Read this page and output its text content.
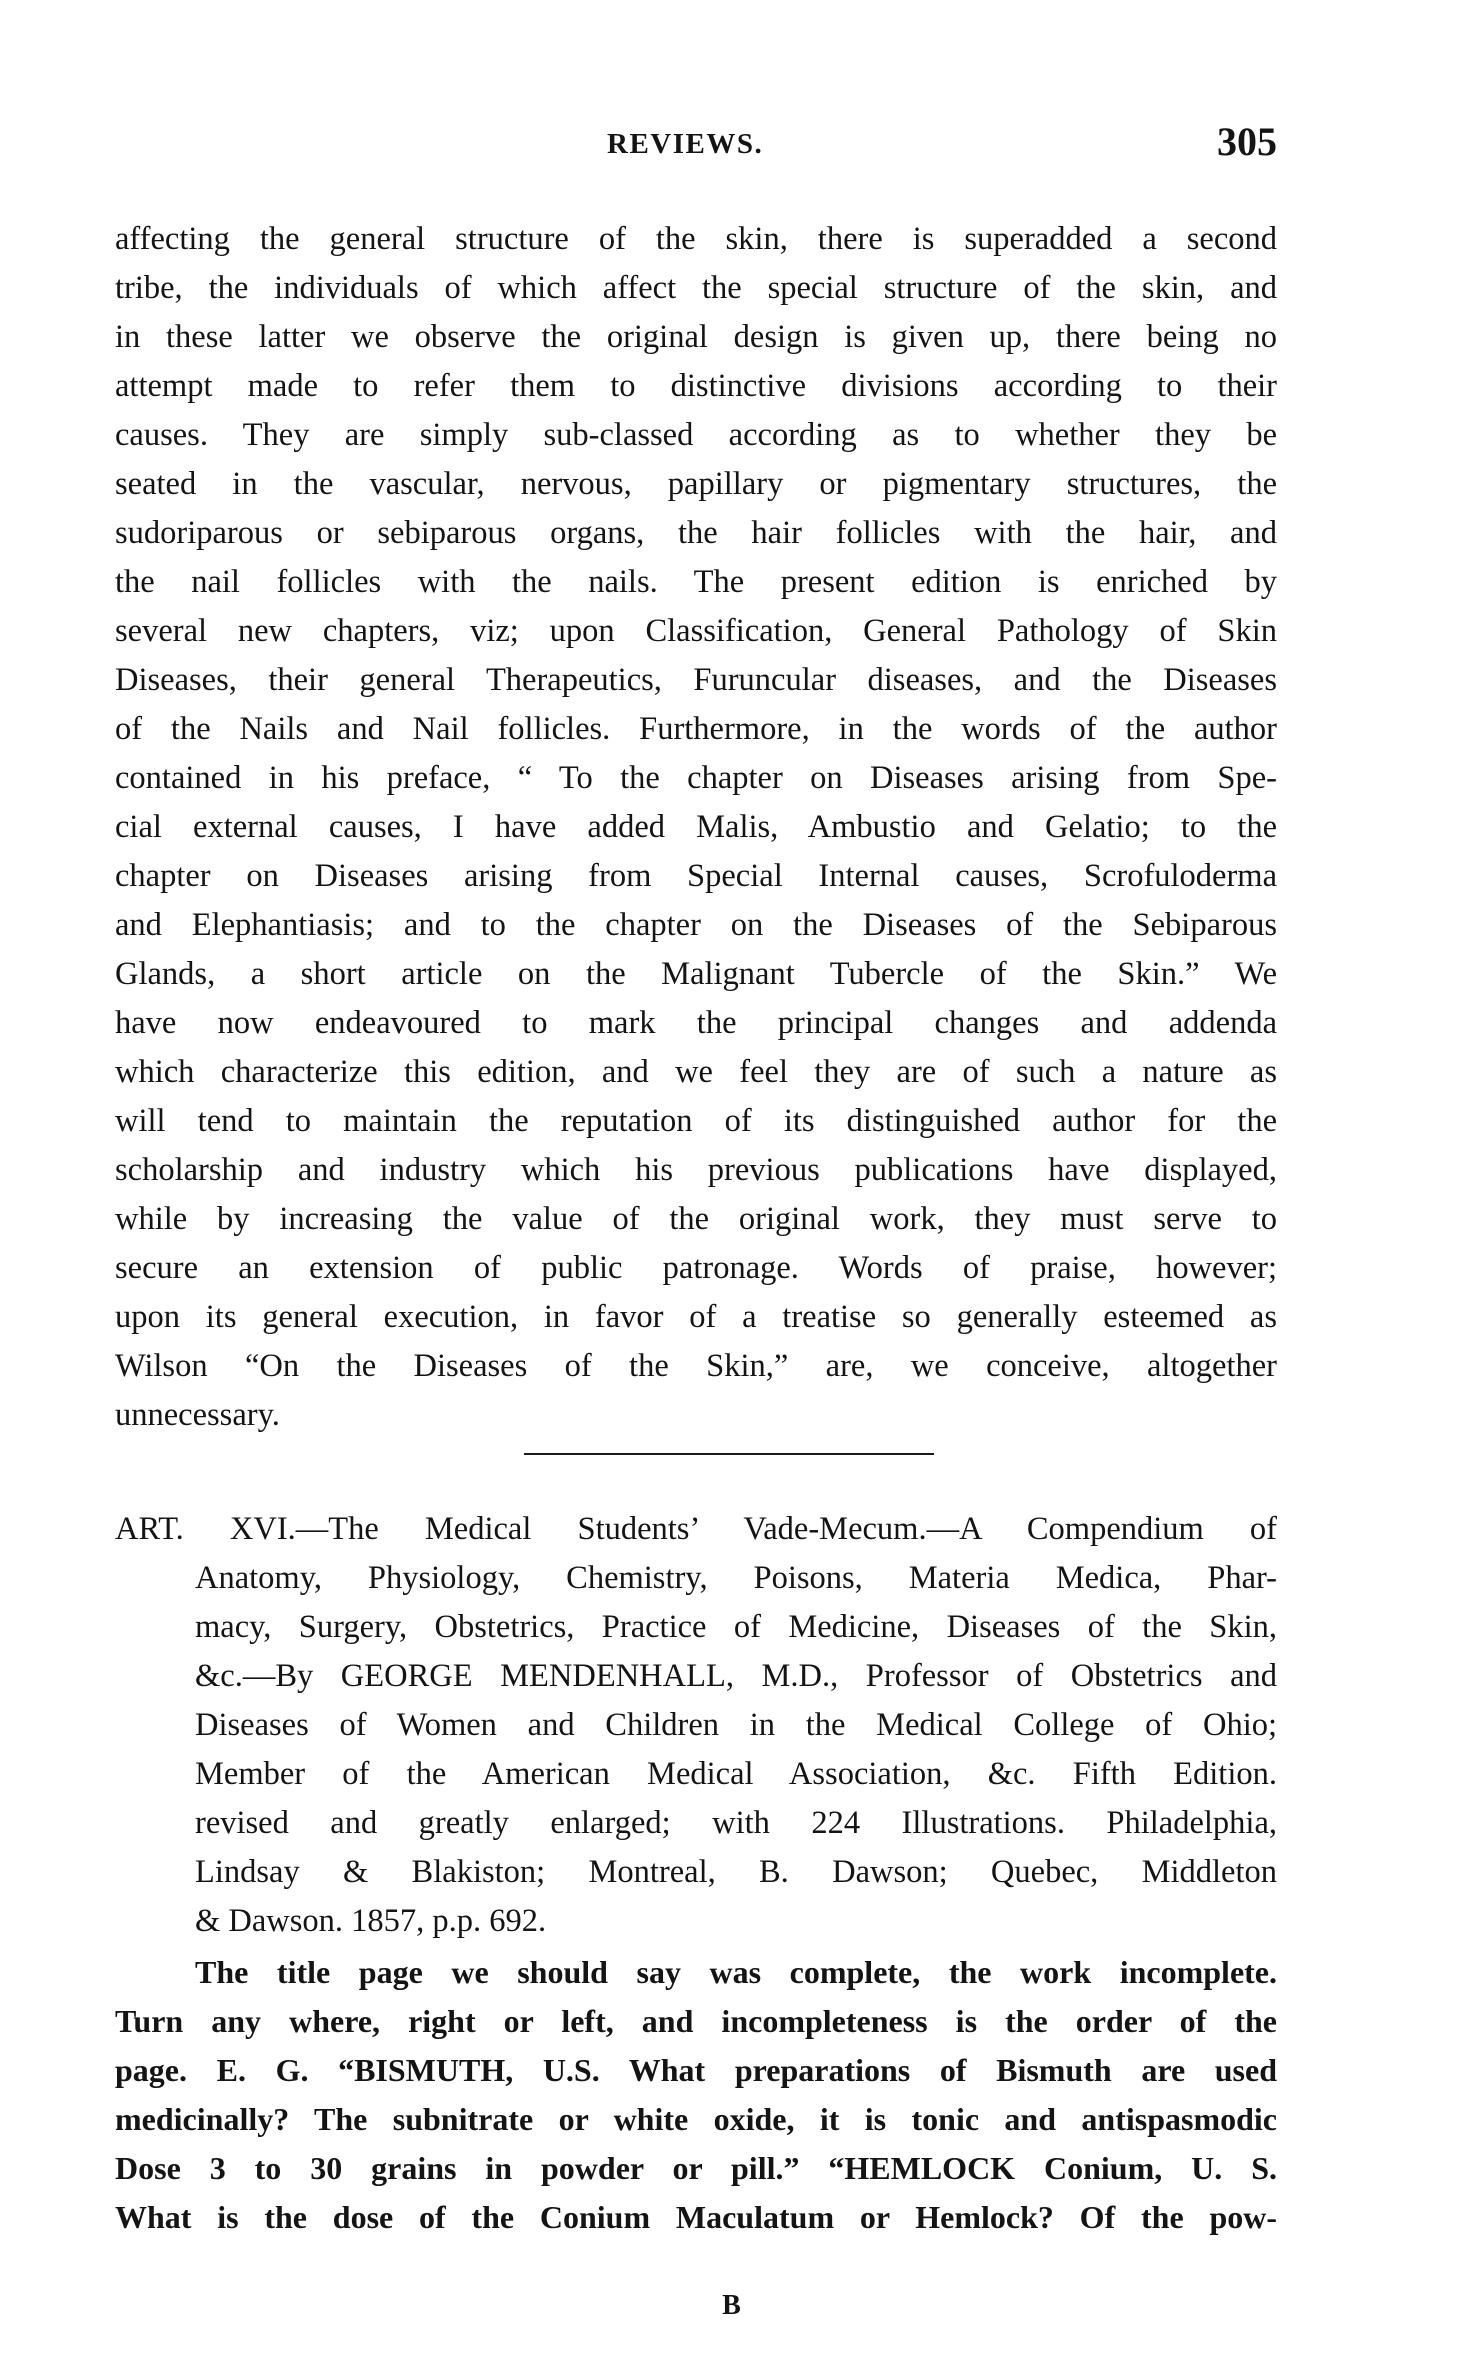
REVIEWS.	305
affecting the general structure of the skin, there is superadded a second
tribe, the individuals of which affect the special structure of the skin, and
in these latter we observe the original design is given up, there being no
attempt made to refer them to distinctive divisions according to their
causes. They are simply sub-classed according as to whether they be
seated in the vascular, nervous, papillary or pigmentary structures, the
sudoriparous or sebiparous organs, the hair follicles with the hair, and
the nail follicles with the nails. The present edition is enriched by
several new chapters, viz; upon Classification, General Pathology of Skin
Diseases, their general Therapeutics, Furuncular diseases, and the Diseases
of the Nails and Nail follicles. Furthermore, in the words of the author
contained in his preface, “ To the chapter on Diseases arising from Spe-
cial external causes, I have added Malis, Ambustio and Gelatio; to the
chapter on Diseases arising from Special Internal causes, Scrofuloderma
and Elephantiasis; and to the chapter on the Diseases of the Sebiparous
Glands, a short article on the Malignant Tubercle of the Skin.” We
have now endeavoured to mark the principal changes and addenda
which characterize this edition, and we feel they are of such a nature as
will tend to maintain the reputation of its distinguished author for the
scholarship and industry which his previous publications have displayed,
while by increasing the value of the original work, they must serve to
secure an extension of public patronage. Words of praise, however;
upon its general execution, in favor of a treatise so generally esteemed as
Wilson “On the Diseases of the Skin,” are, we conceive, altogether
unnecessary.
ART. XVI.—The Medical Students’ Vade-Mecum.—A Compendium of
Anatomy, Physiology, Chemistry, Poisons, Materia Medica, Phar-
macy, Surgery, Obstetrics, Practice of Medicine, Diseases of the Skin,
&c.—By GEORGE MENDENHALL, M.D., Professor of Obstetrics and
Diseases of Women and Children in the Medical College of Ohio;
Member of the American Medical Association, &c. Fifth Edition.
revised and greatly enlarged; with 224 Illustrations. Philadelphia,
Lindsay & Blakiston; Montreal, B. Dawson; Quebec, Middleton
& Dawson. 1857, p.p. 692.
The title page we should say was complete, the work incomplete.
Turn any where, right or left, and incompleteness is the order of the
page. E. G. “BISMUTH, U.S. What preparations of Bismuth are used
medicinally? The subnitrate or white oxide, it is tonic and antispasmodic
Dose 3 to 30 grains in powder or pill.” “HEMLOCK Conium, U. S.
What is the dose of the Conium Maculatum or Hemlock? Of the pow-
B
